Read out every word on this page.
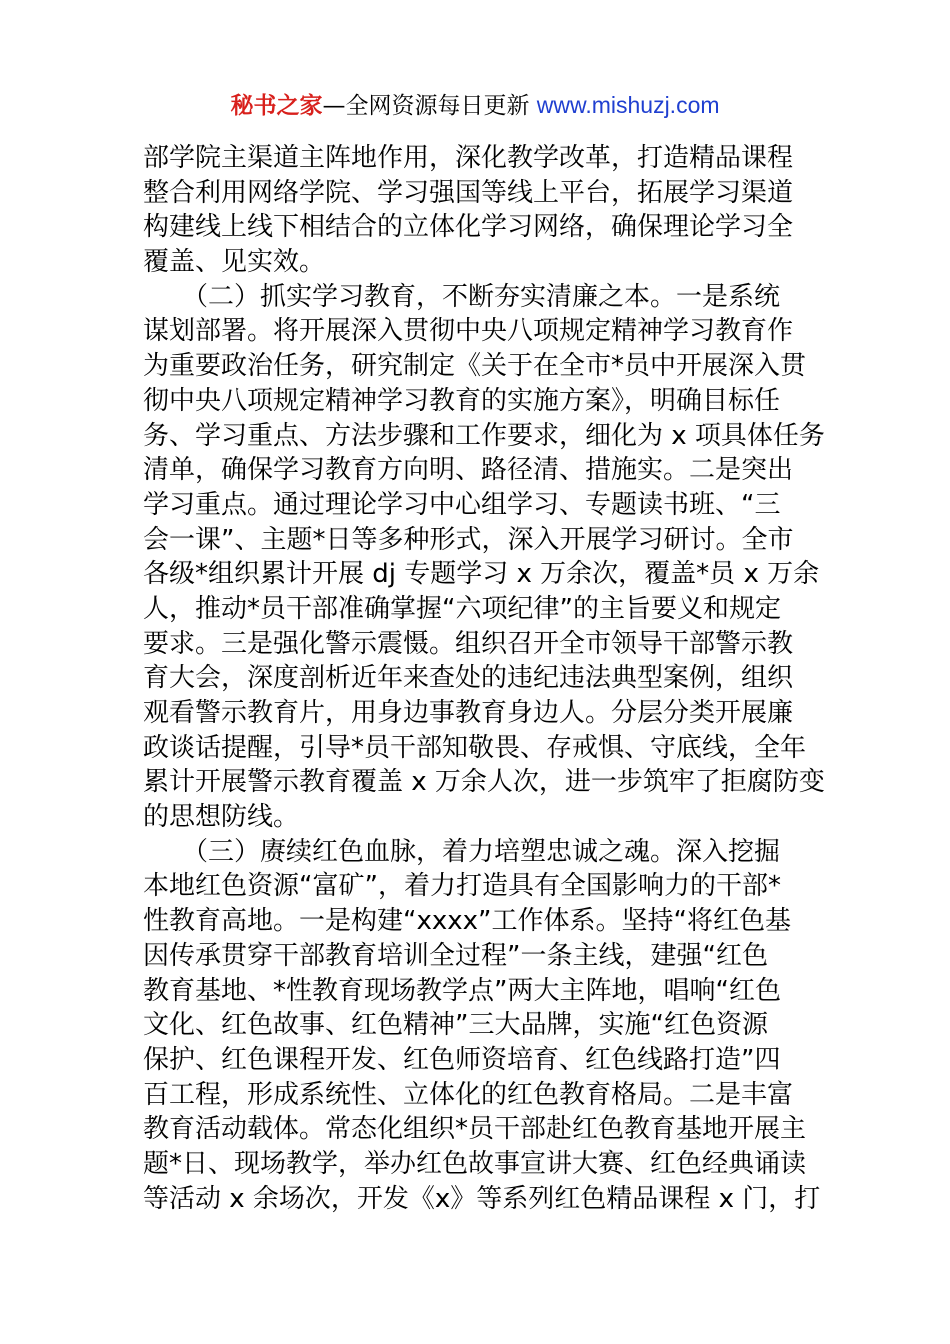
秘书之家—全网资源每日更新 www.mishuzj.com
部学院主渠道主阵地作用，深化教学改革，打造精品课程
整合利用网络学院、学习强国等线上平台，拓展学习渠道
构建线上线下相结合的立体化学习网络，确保理论学习全
覆盖、见实效。
　　（二）抓实学习教育，不断夯实清廉之本。一是系统
谋划部署。将开展深入贯彻中央八项规定精神学习教育作
为重要政治任务，研究制定《关于在全市*员中开展深入贯
彻中央八项规定精神学习教育的实施方案》，明确目标任
务、学习重点、方法步骤和工作要求，细化为 x 项具体任务
清单，确保学习教育方向明、路径清、措施实。二是突出
学习重点。通过理论学习中心组学习、专题读书班、“三
会一课”、主题*日等多种形式，深入开展学习研讨。全市
各级*组织累计开展 dj 专题学习 x 万余次，覆盖*员 x 万余
人，推动*员干部准确掌握“六项纪律”的主旨要义和规定
要求。三是强化警示震慑。组织召开全市领导干部警示教
育大会，深度剖析近年来查处的违纪违法典型案例，组织
观看警示教育片，用身边事教育身边人。分层分类开展廉
政谈话提醒，引导*员干部知敬畏、存戒惧、守底线，全年
累计开展警示教育覆盖 x 万余人次，进一步筑牢了拒腐防变
的思想防线。
　　（三）赓续红色血脉，着力培塑忠诚之魂。深入挖掘
本地红色资源“富矿”，着力打造具有全国影响力的干部*
性教育高地。一是构建“xxxx”工作体系。坚持“将红色基
因传承贯穿干部教育培训全过程”一条主线，建强“红色
教育基地、*性教育现场教学点”两大主阵地，唱响“红色
文化、红色故事、红色精神”三大品牌，实施“红色资源
保护、红色课程开发、红色师资培育、红色线路打造”四
百工程，形成系统性、立体化的红色教育格局。二是丰富
教育活动载体。常态化组织*员干部赴红色教育基地开展主
题*日、现场教学，举办红色故事宣讲大赛、红色经典诵读
等活动 x 余场次，开发《x》等系列红色精品课程 x 门，打
